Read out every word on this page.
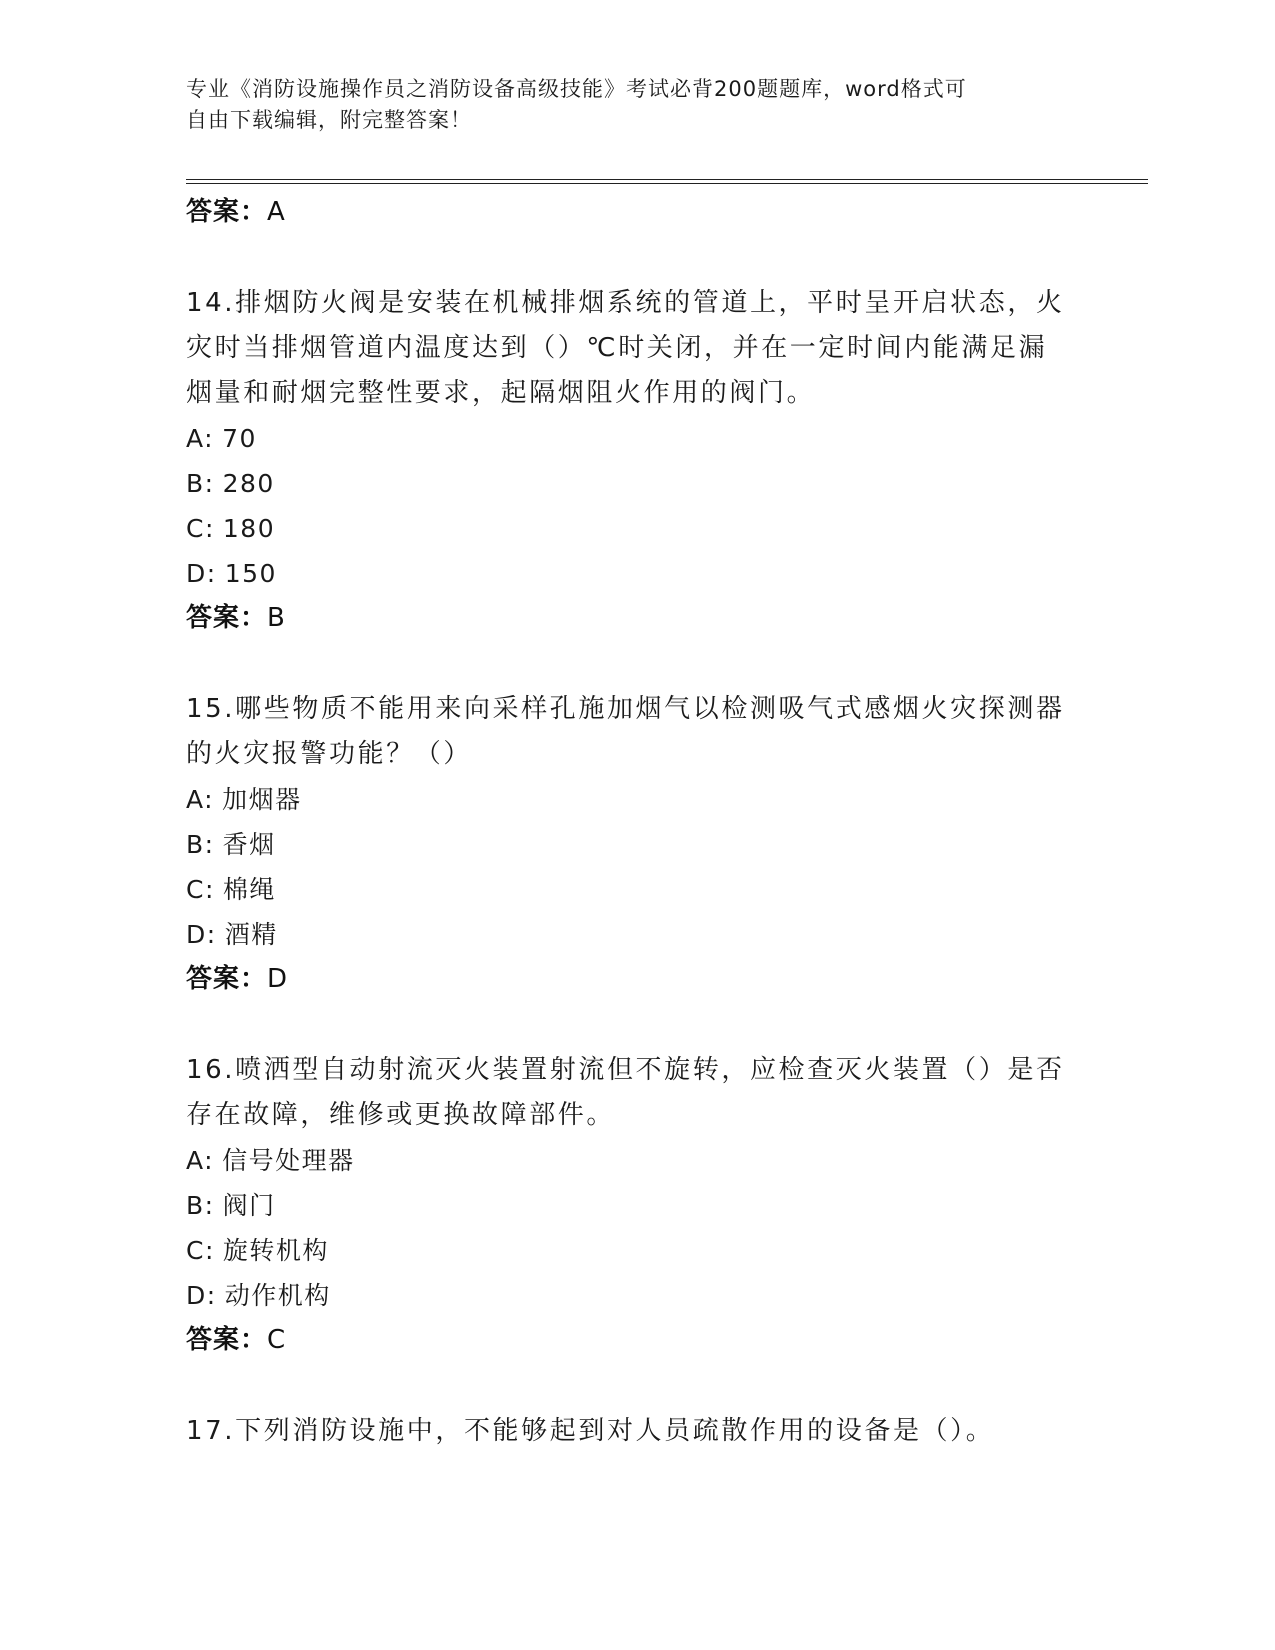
专业《消防设施操作员之消防设备高级技能》考试必背200题题库，word格式可
自由下载编辑，附完整答案！
答案：A
14.排烟防火阀是安装在机械排烟系统的管道上，平时呈开启状态，火
灾时当排烟管道内温度达到（）℃时关闭，并在一定时间内能满足漏
烟量和耐烟完整性要求，起隔烟阻火作用的阀门。
A: 70
B: 280
C: 180
D: 150
答案：B
15.哪些物质不能用来向采样孔施加烟气以检测吸气式感烟火灾探测器
的火灾报警功能？（）
A: 加烟器
B: 香烟
C: 棉绳
D: 酒精
答案：D
16.喷洒型自动射流灭火装置射流但不旋转，应检查灭火装置（）是否
存在故障，维修或更换故障部件。
A: 信号处理器
B: 阀门
C: 旋转机构
D: 动作机构
答案：C
17.下列消防设施中，不能够起到对人员疏散作用的设备是（）。
